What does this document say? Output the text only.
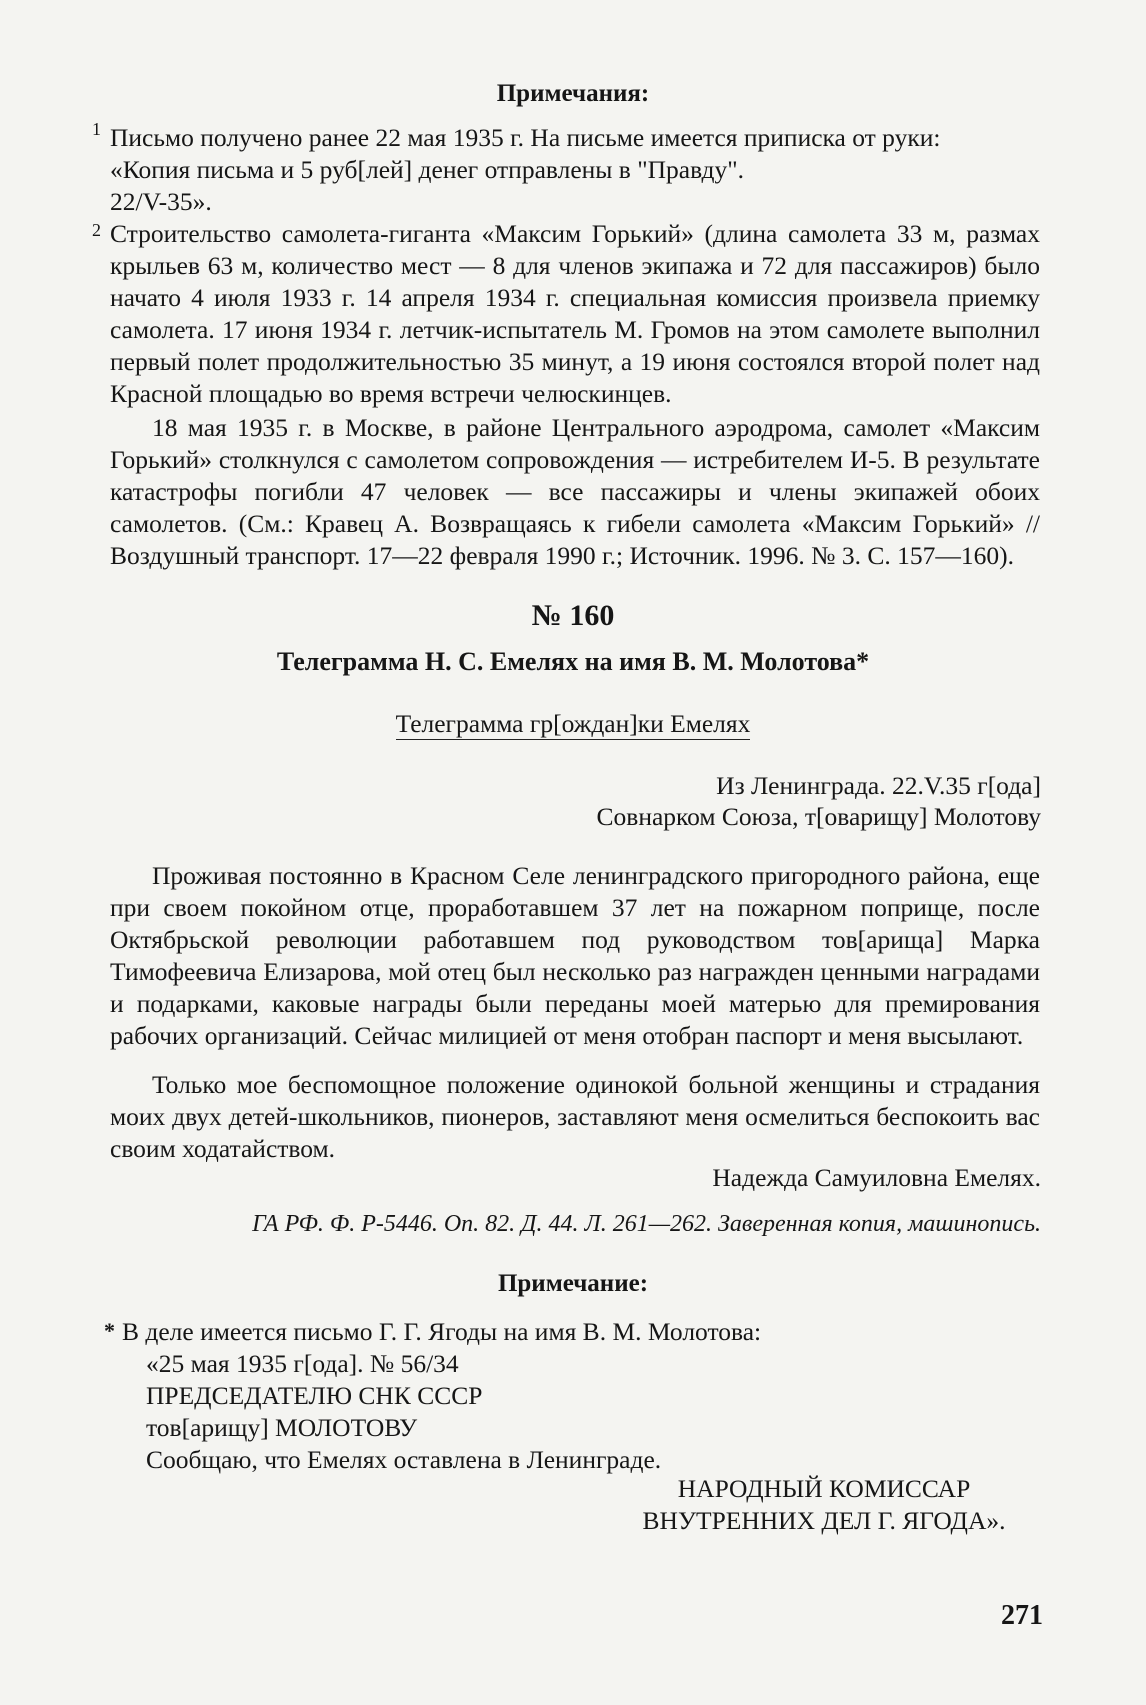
Примечания:
1 Письмо получено ранее 22 мая 1935 г. На письме имеется приписка от руки:
«Копия письма и 5 руб[лей] денег отправлены в "Правду".
22/V-35».
2 Строительство самолета-гиганта «Максим Горький» (длина самолета 33 м, размах крыльев 63 м, количество мест — 8 для членов экипажа и 72 для пассажиров) было начато 4 июля 1933 г. 14 апреля 1934 г. специальная комиссия произвела приемку самолета. 17 июня 1934 г. летчик-испытатель М. Громов на этом самолете выполнил первый полет продолжительностью 35 минут, а 19 июня состоялся второй полет над Красной площадью во время встречи челюскинцев.
18 мая 1935 г. в Москве, в районе Центрального аэродрома, самолет «Максим Горький» столкнулся с самолетом сопровождения — истребителем И-5. В результате катастрофы погибли 47 человек — все пассажиры и члены экипажей обоих самолетов. (См.: Кравец А. Возвращаясь к гибели самолета «Максим Горький» // Воздушный транспорт. 17—22 февраля 1990 г.; Источник. 1996. № 3. С. 157—160).
№ 160
Телеграмма Н. С. Емелях на имя В. М. Молотова*
Телеграмма гр[ождан]ки Емелях
Из Ленинграда. 22.V.35 г[ода]
Совнарком Союза, т[оварищу] Молотову
Проживая постоянно в Красном Селе ленинградского пригородного района, еще при своем покойном отце, проработавшем 37 лет на пожарном поприще, после Октябрьской революции работавшем под руководством тов[арища] Марка Тимофеевича Елизарова, мой отец был несколько раз награжден ценными наградами и подарками, каковые награды были переданы моей матерью для премирования рабочих организаций. Сейчас милицией от меня отобран паспорт и меня высылают.
Только мое беспомощное положение одинокой больной женщины и страдания моих двух детей-школьников, пионеров, заставляют меня осмелиться беспокоить вас своим ходатайством.
Надежда Самуиловна Емелях.
ГА РФ. Ф. Р-5446. Оп. 82. Д. 44. Л. 261—262. Заверенная копия, машинопись.
Примечание:
* В деле имеется письмо Г. Г. Ягоды на имя В. М. Молотова:
«25 мая 1935 г[ода]. № 56/34
ПРЕДСЕДАТЕЛЮ СНК СССР
тов[арищу] МОЛОТОВУ
Сообщаю, что Емелях оставлена в Ленинграде.
НАРОДНЫЙ КОМИССАР
ВНУТРЕННИХ ДЕЛ Г. ЯГОДА».
271
